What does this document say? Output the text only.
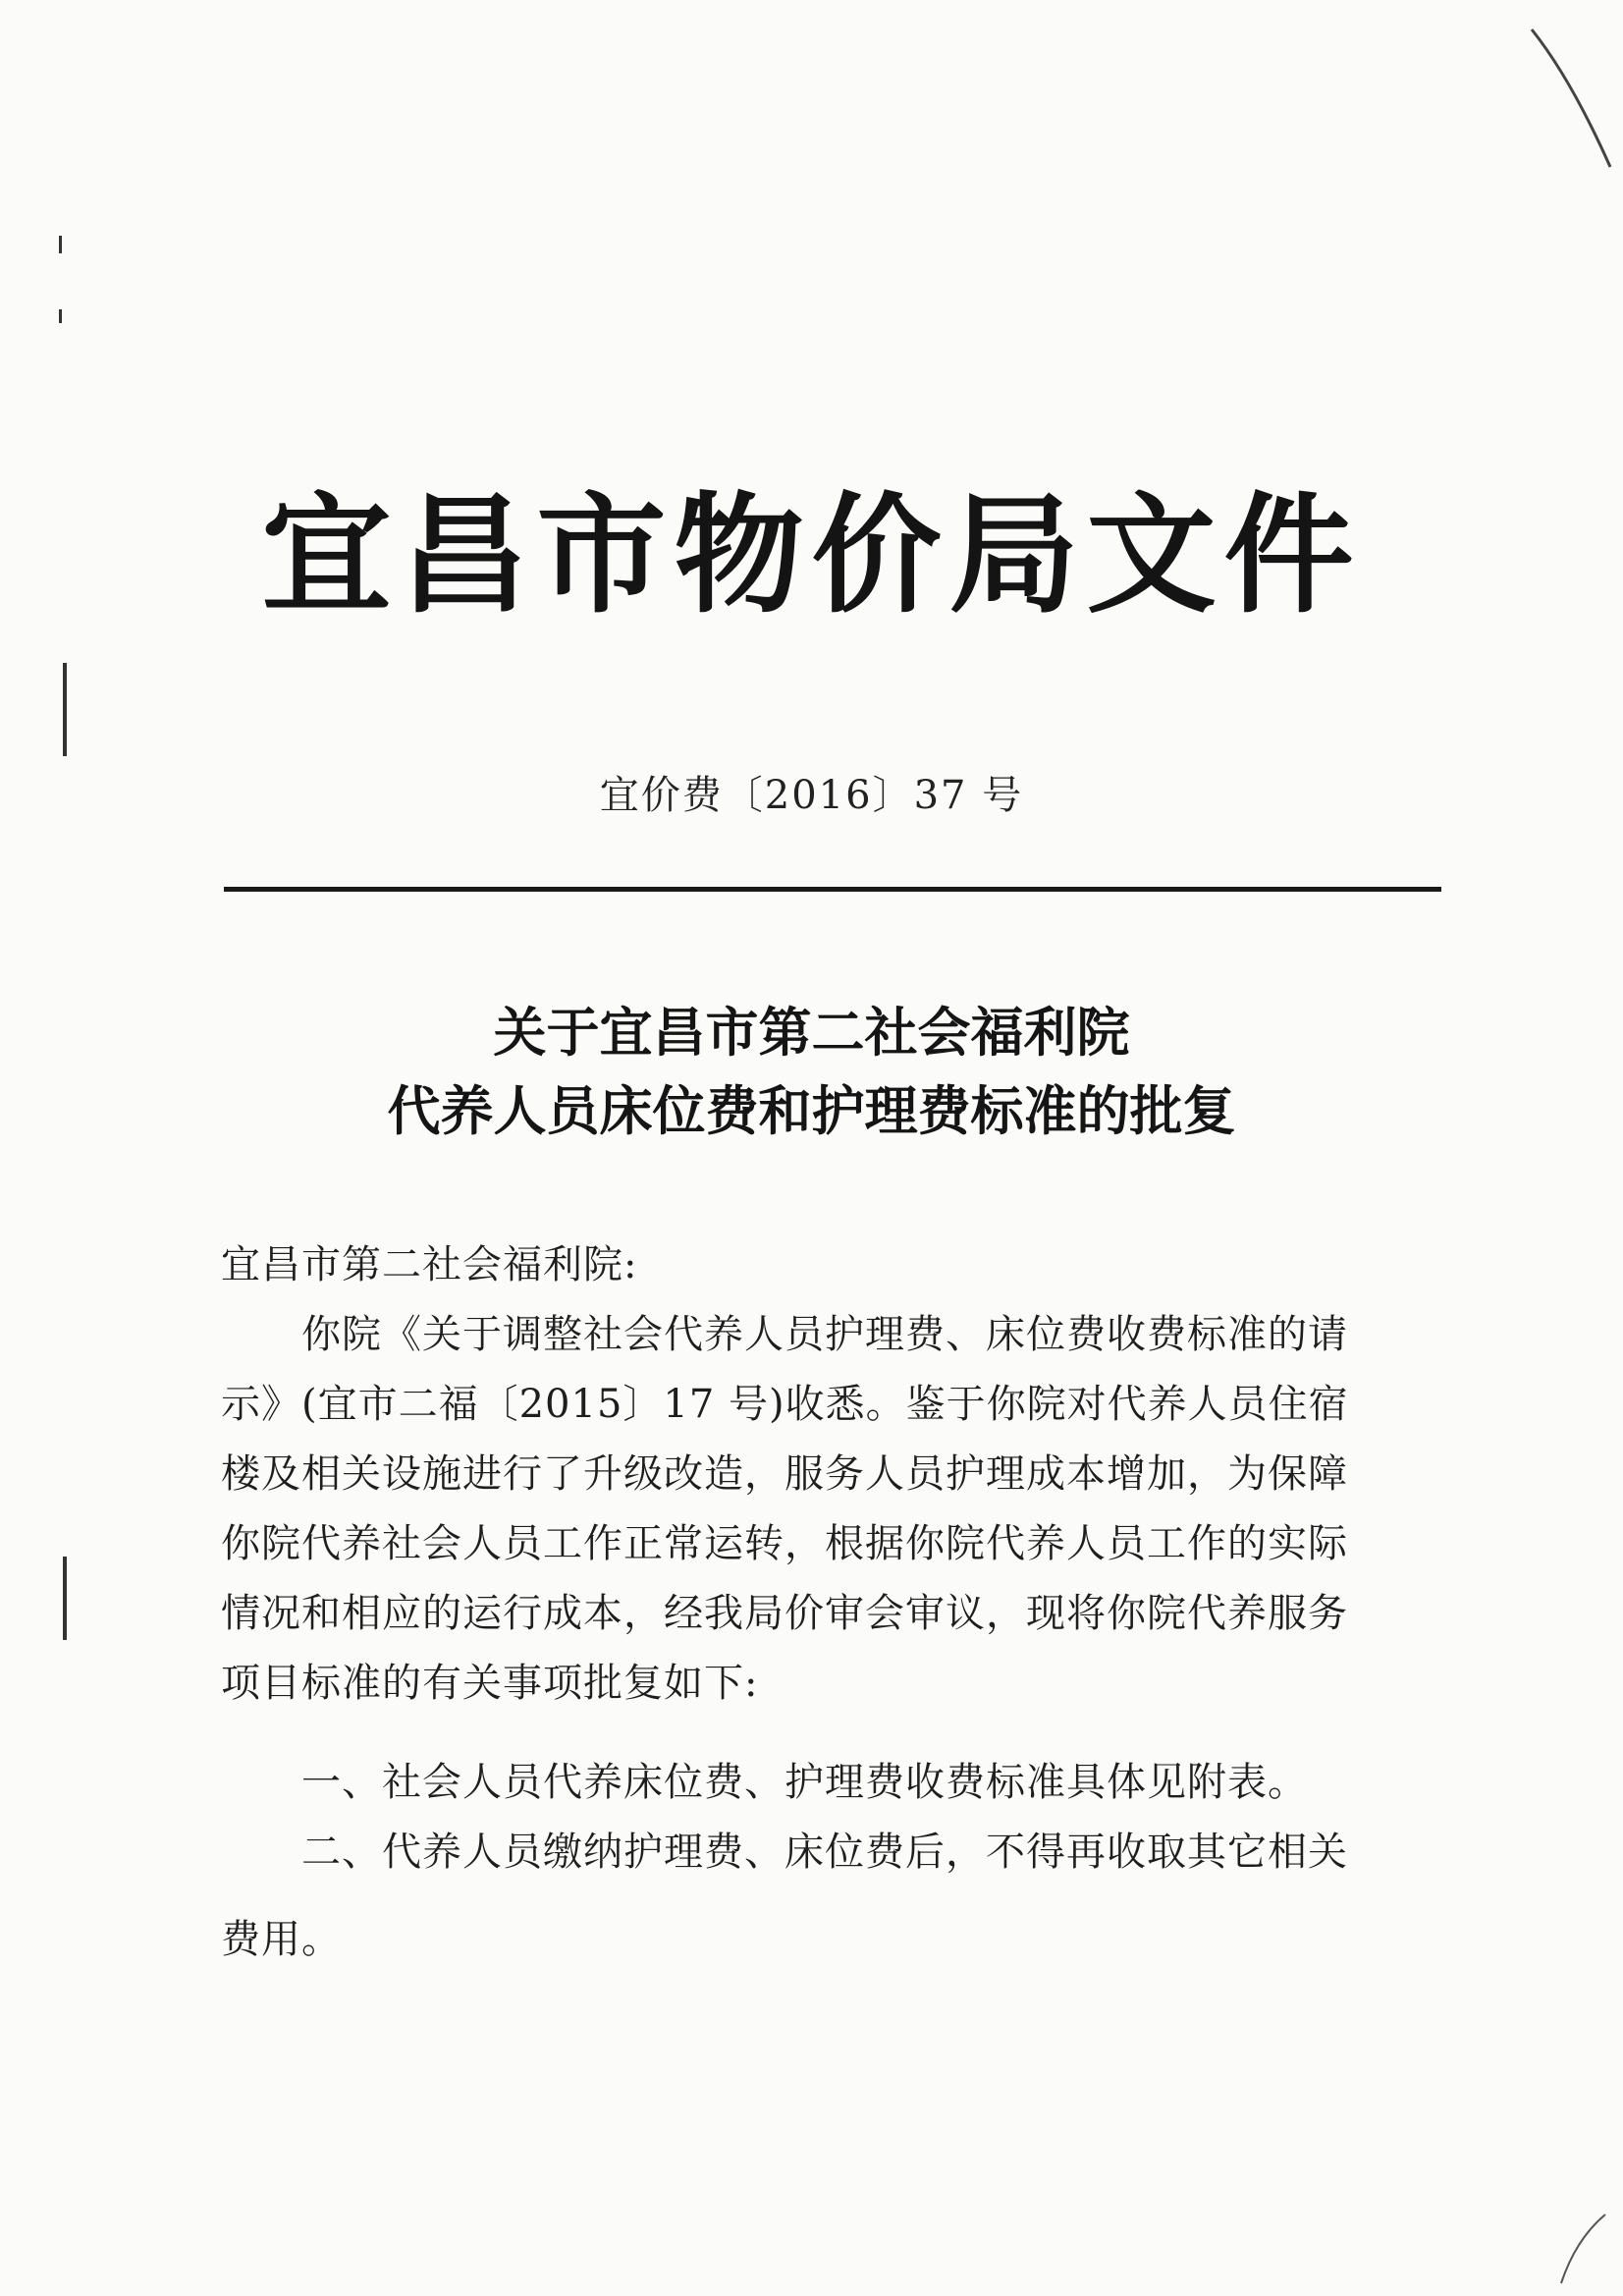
宜昌市物价局文件
宜价费〔2016〕37 号
关于宜昌市第二社会福利院
代养人员床位费和护理费标准的批复
宜昌市第二社会福利院:
　　你院《关于调整社会代养人员护理费、床位费收费标准的请
示》(宜市二福〔2015〕17 号)收悉。鉴于你院对代养人员住宿
楼及相关设施进行了升级改造，服务人员护理成本增加，为保障
你院代养社会人员工作正常运转，根据你院代养人员工作的实际
情况和相应的运行成本，经我局价审会审议，现将你院代养服务
项目标准的有关事项批复如下:
　　一、社会人员代养床位费、护理费收费标准具体见附表。
　　二、代养人员缴纳护理费、床位费后，不得再收取其它相关
费用。
